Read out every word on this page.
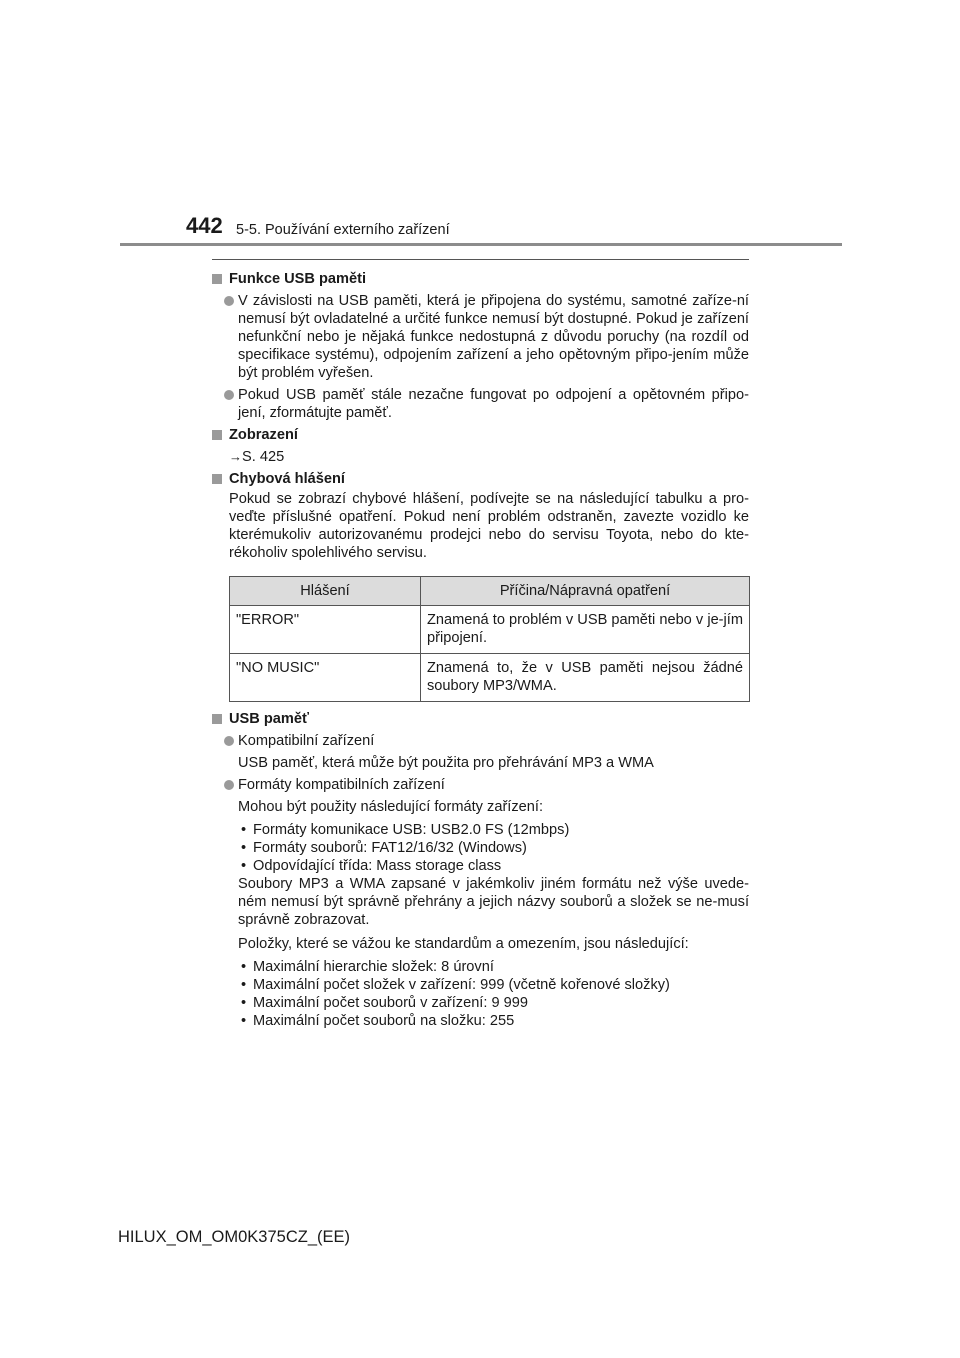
442 5-5. Používání externího zařízení
Funkce USB paměti
V závislosti na USB paměti, která je připojena do systému, samotné zaříze-ní nemusí být ovladatelné a určité funkce nemusí být dostupné. Pokud je zařízení nefunkční nebo je nějaká funkce nedostupná z důvodu poruchy (na rozdíl od specifikace systému), odpojením zařízení a jeho opětovným připo-jením může být problém vyřešen.
Pokud USB paměť stále nezačne fungovat po odpojení a opětovném připo-jení, zformátujte paměť.
Zobrazení
→S. 425
Chybová hlášení
Pokud se zobrazí chybové hlášení, podívejte se na následující tabulku a pro-veďte příslušné opatření. Pokud není problém odstraněn, zavezte vozidlo ke kterémukoliv autorizovanému prodejci nebo do servisu Toyota, nebo do kte-rékoholiv spolehlivého servisu.
Hlášení	Příčina/Nápravná opatření
"ERROR"	Znamená to problém v USB paměti nebo v je-jím připojení.
"NO MUSIC"	Znamená to, že v USB paměti nejsou žádné soubory MP3/WMA.
USB paměť
Kompatibilní zařízení
USB paměť, která může být použita pro přehrávání MP3 a WMA
Formáty kompatibilních zařízení
Mohou být použity následující formáty zařízení:
• Formáty komunikace USB: USB2.0 FS (12mbps)
• Formáty souborů: FAT12/16/32 (Windows)
• Odpovídající třída: Mass storage class
Soubory MP3 a WMA zapsané v jakémkoliv jiném formátu než výše uvede-ném nemusí být správně přehrány a jejich názvy souborů a složek se ne-musí správně zobrazovat.
Položky, které se vážou ke standardům a omezením, jsou následující:
• Maximální hierarchie složek: 8 úrovní
• Maximální počet složek v zařízení: 999 (včetně kořenové složky)
• Maximální počet souborů v zařízení: 9 999
• Maximální počet souborů na složku: 255
HILUX_OM_OM0K375CZ_(EE)
